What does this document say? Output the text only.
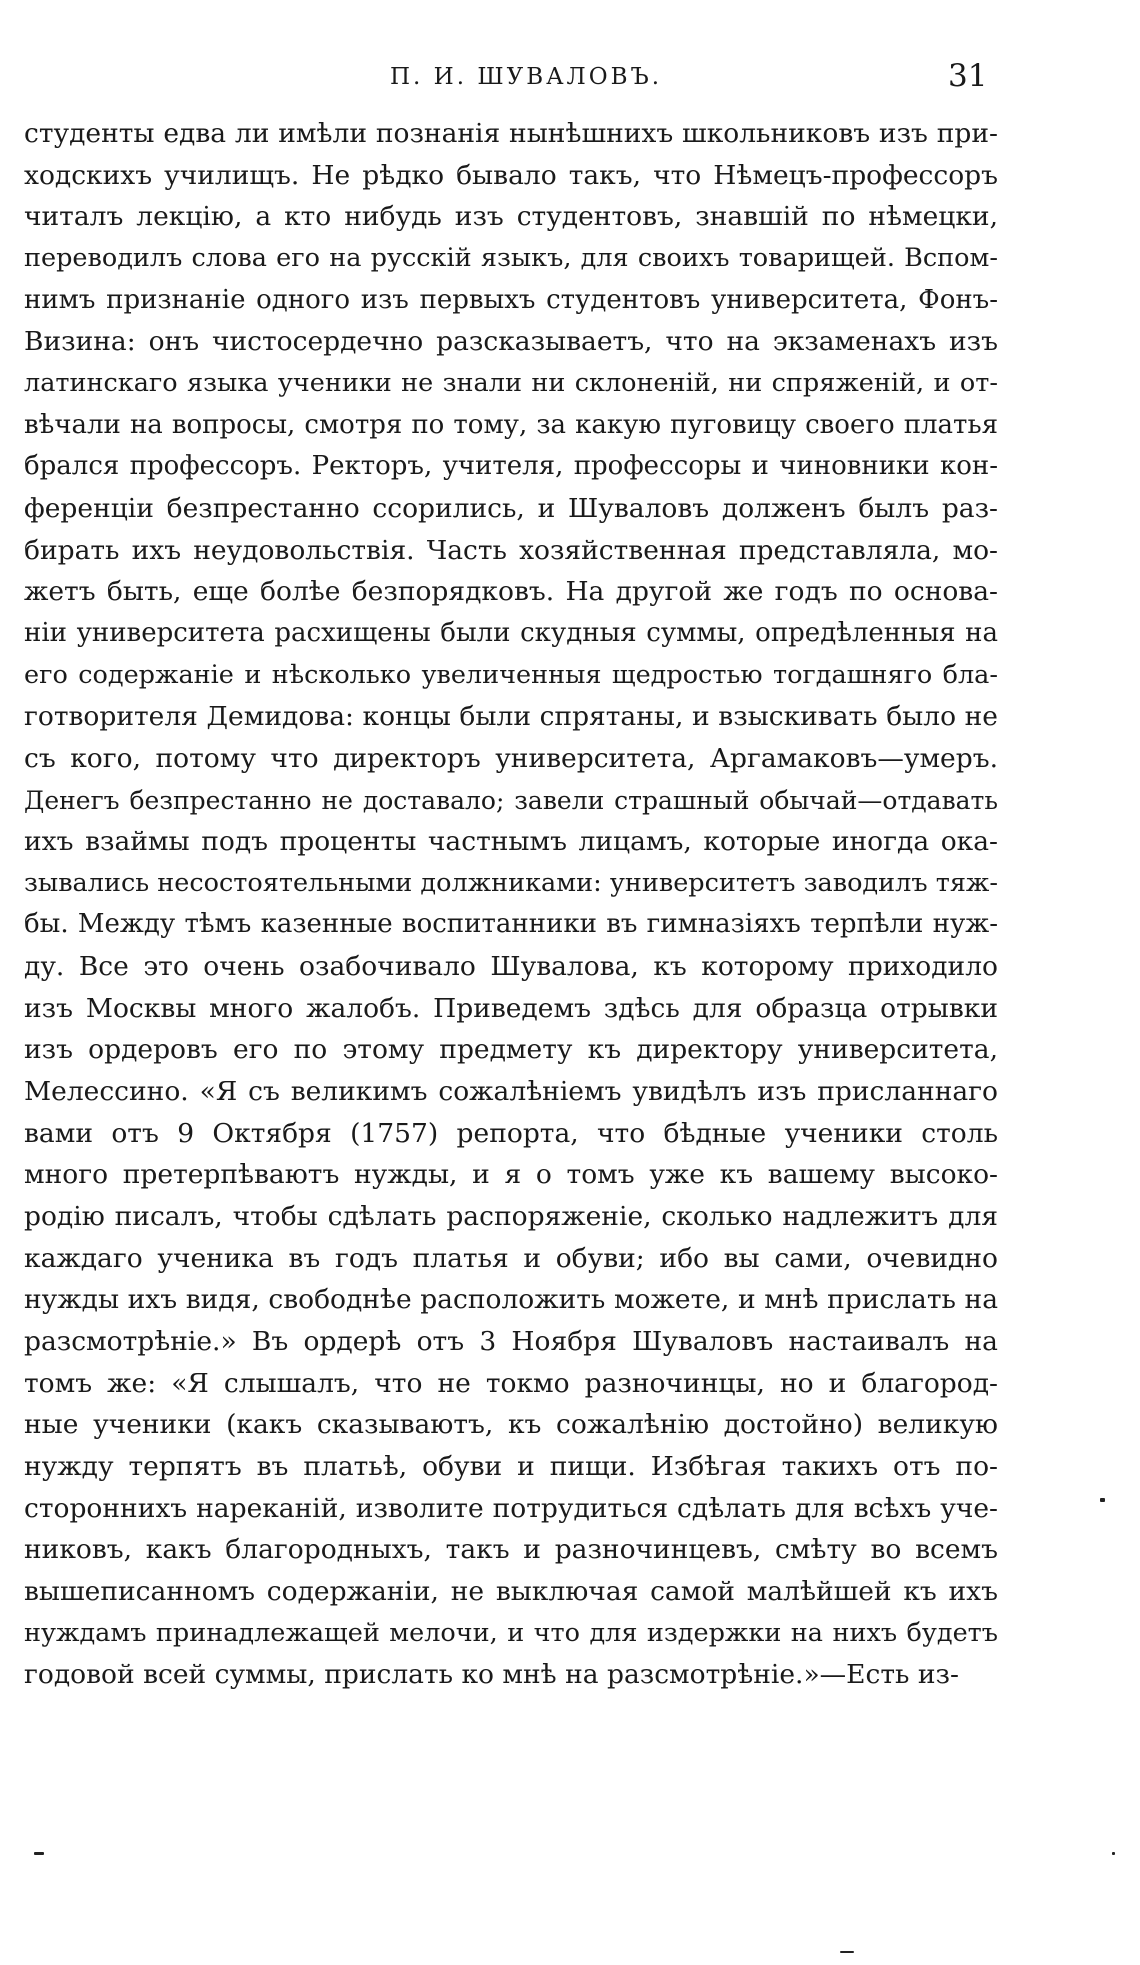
П. И. ШУВАЛОВЪ.	31
студенты едва ли имѣли познанія нынѣшнихъ школьниковъ изъ при-
ходскихъ училищъ. Не рѣдко бывало такъ, что Нѣмецъ-профессоръ
читалъ лекцію, а кто нибудь изъ студентовъ, знавшій по нѣмецки,
переводилъ слова его на русскій языкъ, для своихъ товарищей. Вспом-
нимъ признаніе одного изъ первыхъ студентовъ университета, Фонъ-
Визина: онъ чистосердечно разсказываетъ, что на экзаменахъ изъ
латинскаго языка ученики не знали ни склоненій, ни спряженій, и от-
вѣчали на вопросы, смотря по тому, за какую пуговицу своего платья
брался профессоръ. Ректоръ, учителя, профессоры и чиновники кон-
ференціи безпрестанно ссорились, и Шуваловъ долженъ былъ раз-
бирать ихъ неудовольствія. Часть хозяйственная представляла, мо-
жетъ быть, еще болѣе безпорядковъ. На другой же годъ по основа-
ніи университета расхищены были скудныя суммы, опредѣленныя на
его содержаніе и нѣсколько увеличенныя щедростью тогдашняго бла-
готворителя Демидова: концы были спрятаны, и взыскивать было не
съ кого, потому что директоръ университета, Аргамаковъ—умеръ.
Денегъ безпрестанно не доставало; завели страшный обычай—отдавать
ихъ взаймы подъ проценты частнымъ лицамъ, которые иногда ока-
зывались несостоятельными должниками: университетъ заводилъ тяж-
бы. Между тѣмъ казенные воспитанники въ гимназіяхъ терпѣли нуж-
ду. Все это очень озабочивало Шувалова, къ которому приходило
изъ Москвы много жалобъ. Приведемъ здѣсь для образца отрывки
изъ ордеровъ его по этому предмету къ директору университета,
Мелессино. «Я съ великимъ сожалѣніемъ увидѣлъ изъ присланнаго
вами отъ 9 Октября (1757) репорта, что бѣдные ученики столь
много претерпѣваютъ нужды, и я о томъ уже къ вашему высоко-
родію писалъ, чтобы сдѣлать распоряженіе, сколько надлежитъ для
каждаго ученика въ годъ платья и обуви; ибо вы сами, очевидно
нужды ихъ видя, свободнѣе расположить можете, и мнѣ прислать на
разсмотрѣніе.» Въ ордерѣ отъ 3 Ноября Шуваловъ настаивалъ на
томъ же: «Я слышалъ, что не токмо разночинцы, но и благород-
ные ученики (какъ сказываютъ, къ сожалѣнію достойно) великую
нужду терпятъ въ платьѣ, обуви и пищи. Избѣгая такихъ отъ по-
стороннихъ нареканій, изволите потрудиться сдѣлать для всѣхъ уче-
никовъ, какъ благородныхъ, такъ и разночинцевъ, смѣту во всемъ
вышеписанномъ содержаніи, не выключая самой малѣйшей къ ихъ
нуждамъ принадлежащей мелочи, и что для издержки на нихъ будетъ
годовой всей суммы, прислать ко мнѣ на разсмотрѣніе.»—Есть из-
